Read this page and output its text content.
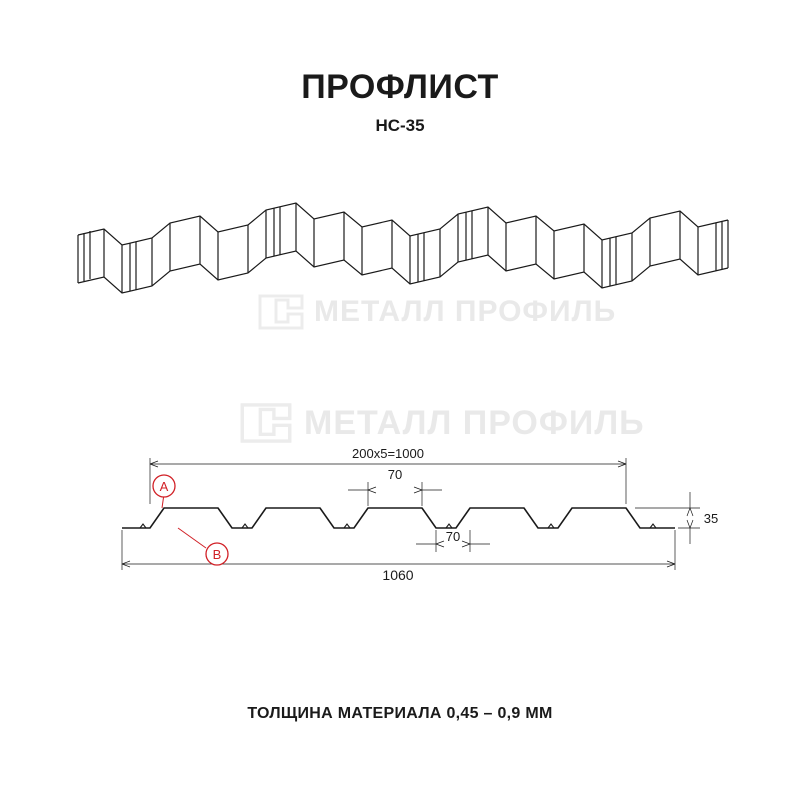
ПРОФЛИСТ
НС-35
МЕТАЛЛ ПРОФИЛЬ
МЕТАЛЛ ПРОФИЛЬ
200х5=1000
1060
35
70
70
A
B
ТОЛЩИНА МАТЕРИАЛА 0,45 – 0,9 ММ
